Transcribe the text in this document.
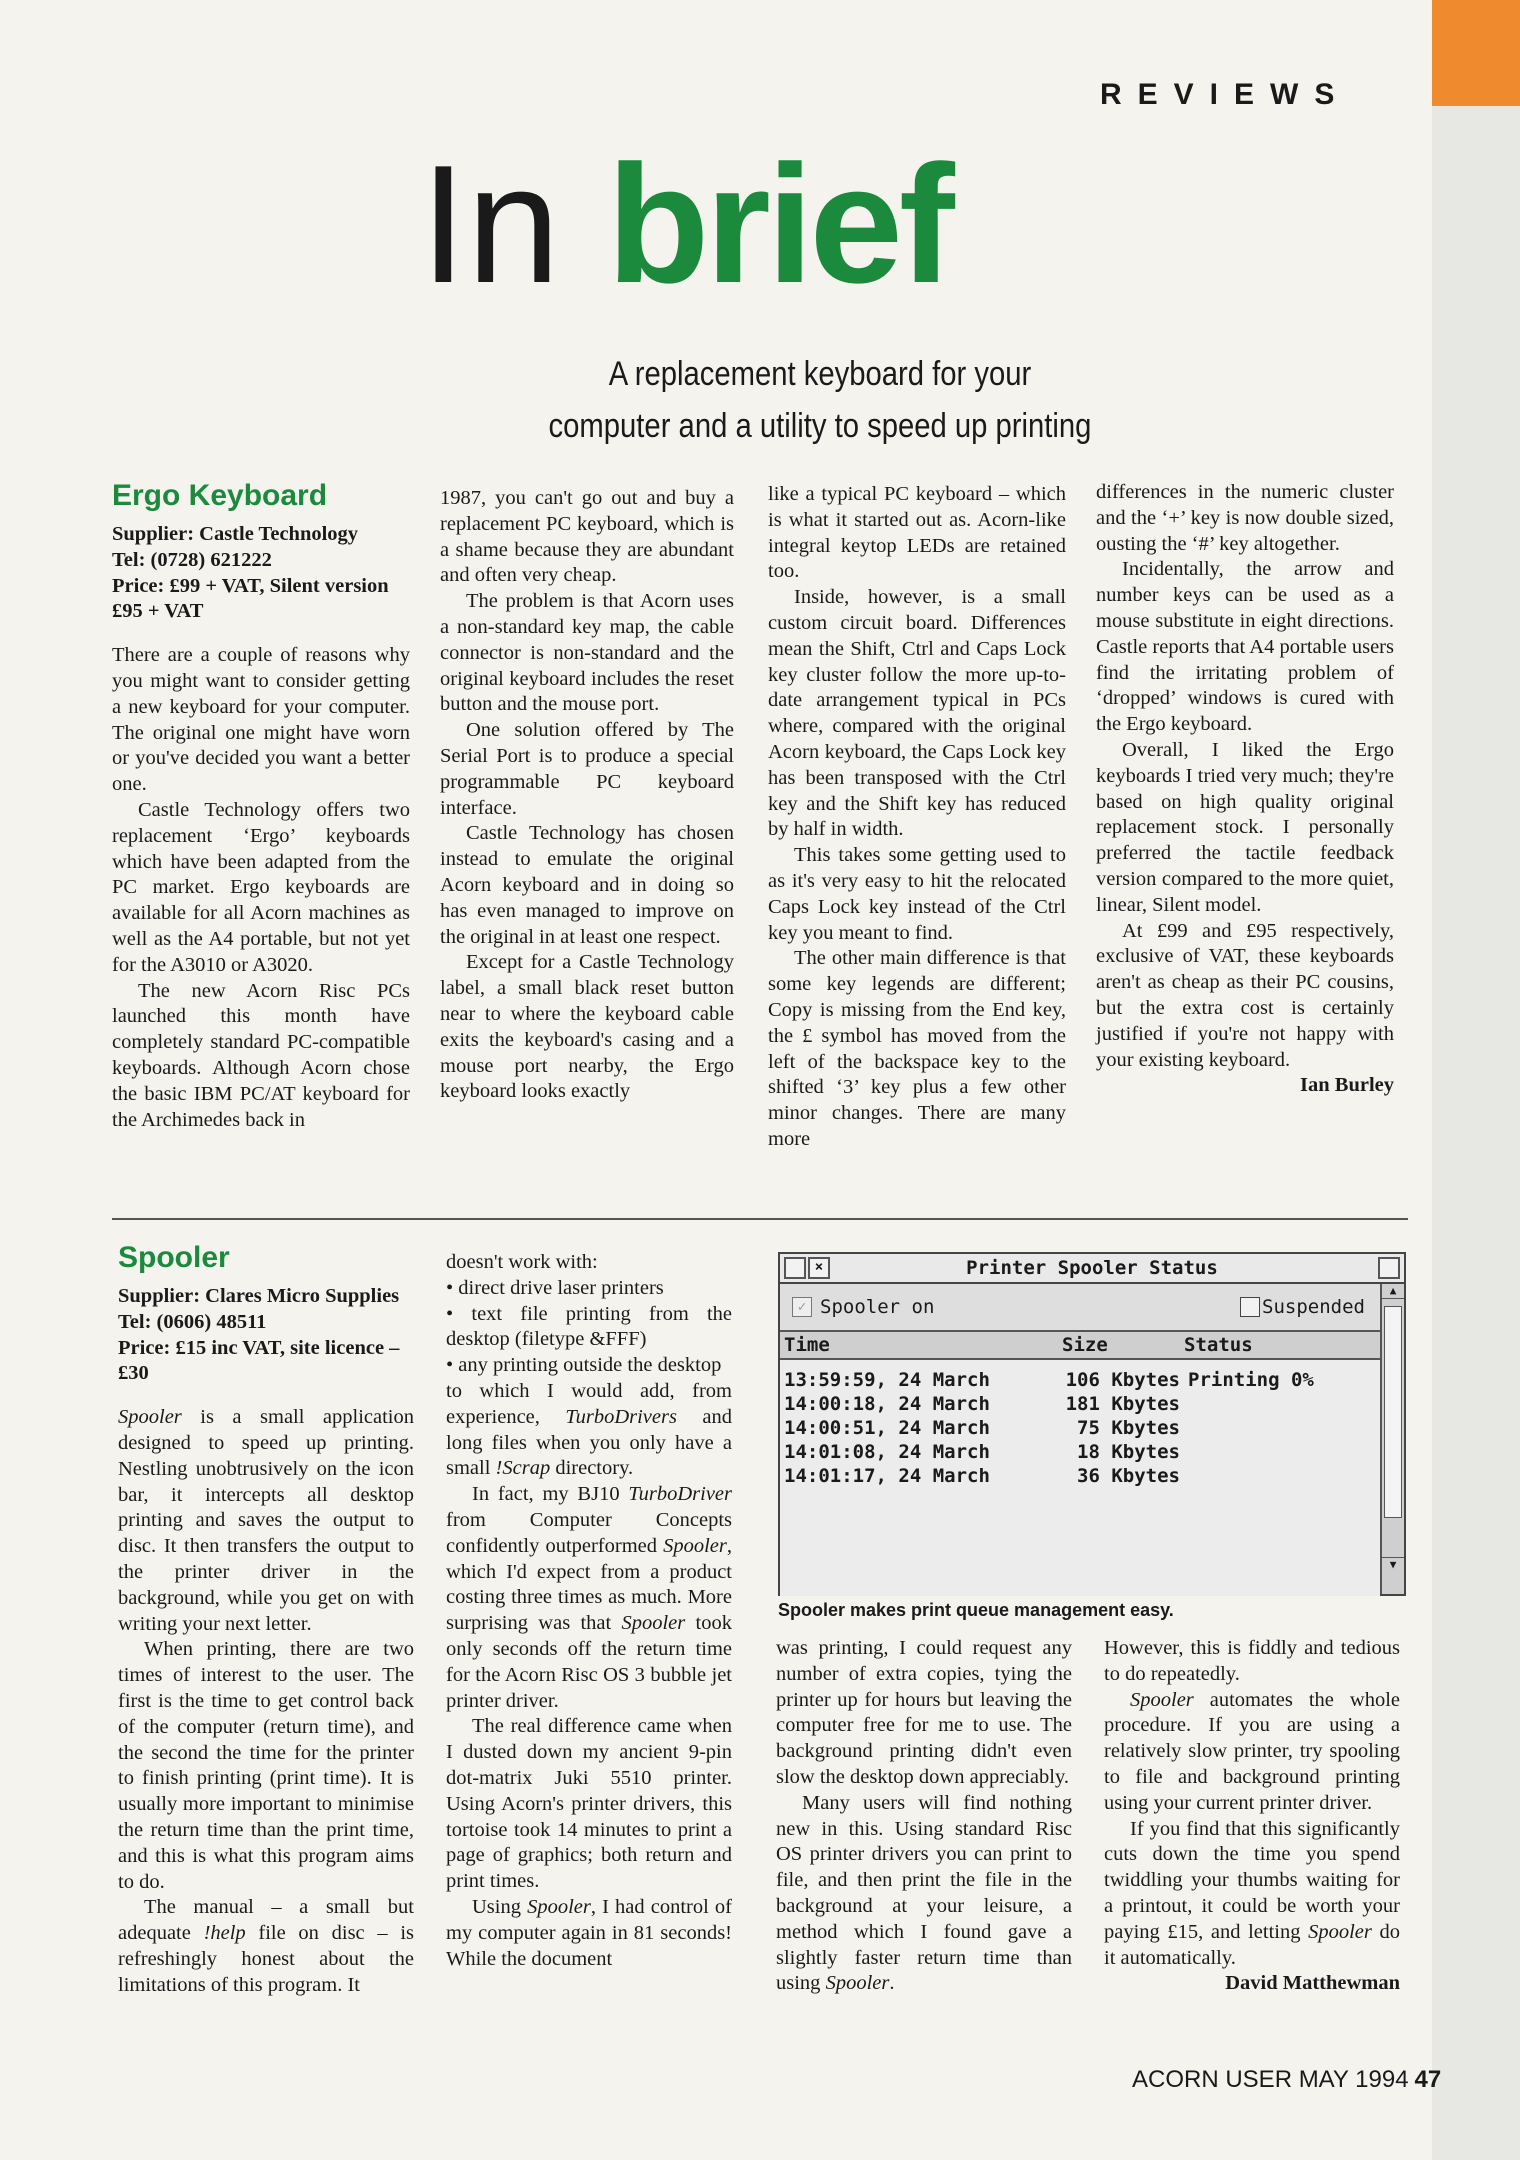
REVIEWS
In brief
A replacement keyboard for your
computer and a utility to speed up printing
Ergo Keyboard
Supplier: Castle Technology
Tel: (0728) 621222
Price: £99 + VAT, Silent version £95 + VAT

There are a couple of reasons why you might want to consider getting a new keyboard for your computer. The original one might have worn or you've decided you want a better one.

Castle Technology offers two replacement ‘Ergo’ keyboards which have been adapted from the PC market. Ergo keyboards are available for all Acorn machines as well as the A4 portable, but not yet for the A3010 or A3020.

The new Acorn Risc PCs launched this month have completely standard PC-compatible keyboards. Although Acorn chose the basic IBM PC/AT keyboard for the Archimedes back in

1987, you can't go out and buy a replacement PC keyboard, which is a shame because they are abundant and often very cheap.

The problem is that Acorn uses a non-standard key map, the cable connector is non-standard and the original keyboard includes the reset button and the mouse port.

One solution offered by The Serial Port is to produce a special programmable PC keyboard interface.

Castle Technology has chosen instead to emulate the original Acorn keyboard and in doing so has even managed to improve on the original in at least one respect.

Except for a Castle Technology label, a small black reset button near to where the keyboard cable exits the keyboard's casing and a mouse port nearby, the Ergo keyboard looks exactly

like a typical PC keyboard – which is what it started out as. Acorn-like integral keytop LEDs are retained too.

Inside, however, is a small custom circuit board. Differences mean the Shift, Ctrl and Caps Lock key cluster follow the more up-to-date arrangement typical in PCs where, compared with the original Acorn keyboard, the Caps Lock key has been transposed with the Ctrl key and the Shift key has reduced by half in width.

This takes some getting used to as it's very easy to hit the relocated Caps Lock key instead of the Ctrl key you meant to find.

The other main difference is that some key legends are different; Copy is missing from the End key, the £ symbol has moved from the left of the backspace key to the shifted ‘3’ key plus a few other minor changes. There are many more

differences in the numeric cluster and the ‘+’ key is now double sized, ousting the ‘#’ key altogether.

Incidentally, the arrow and number keys can be used as a mouse substitute in eight directions. Castle reports that A4 portable users find the irritating problem of ‘dropped’ windows is cured with the Ergo keyboard.

Overall, I liked the Ergo keyboards I tried very much; they're based on high quality original replacement stock. I personally preferred the tactile feedback version compared to the more quiet, linear, Silent model.

At £99 and £95 respectively, exclusive of VAT, these keyboards aren't as cheap as their PC cousins, but the extra cost is certainly justified if you're not happy with your existing keyboard.

Ian Burley
Spooler
Supplier: Clares Micro Supplies
Tel: (0606) 48511
Price: £15 inc VAT, site licence – £30

Spooler is a small application designed to speed up printing. Nestling unobtrusively on the icon bar, it intercepts all desktop printing and saves the output to disc. It then transfers the output to the printer driver in the background, while you get on with writing your next letter.

When printing, there are two times of interest to the user. The first is the time to get control back of the computer (return time), and the second the time for the printer to finish printing (print time). It is usually more important to minimise the return time than the print time, and this is what this program aims to do.

The manual – a small but adequate !help file on disc – is refreshingly honest about the limitations of this program. It

doesn't work with:

• direct drive laser printers

• text file printing from the desktop (filetype &FFF)

• any printing outside the desktop

to which I would add, from experience, TurboDrivers and long files when you only have a small !Scrap directory.

In fact, my BJ10 TurboDriver from Computer Concepts confidently outperformed Spooler, which I'd expect from a product costing three times as much. More surprising was that Spooler took only seconds off the return time for the Acorn Risc OS 3 bubble jet printer driver.

The real difference came when I dusted down my ancient 9-pin dot-matrix Juki 5510 printer. Using Acorn's printer drivers, this tortoise took 14 minutes to print a page of graphics; both return and print times.

Using Spooler, I had control of my computer again in 81 seconds! While the document

×	Printer Spooler Status
✓ Spooler on	Suspended
Time	Size	Status
13:59:59, 24 March	106 Kbytes Printing 0%
14:00:18, 24 March	181 Kbytes
14:00:51, 24 March	75 Kbytes
14:01:08, 24 March	18 Kbytes
14:01:17, 24 March	36 Kbytes
▲
▼
Spooler makes print queue management easy.

was printing, I could request any number of extra copies, tying the printer up for hours but leaving the computer free for me to use. The background printing didn't even slow the desktop down appreciably.

Many users will find nothing new in this. Using standard Risc OS printer drivers you can print to file, and then print the file in the background at your leisure, a method which I found gave a slightly faster return time than using Spooler.

However, this is fiddly and tedious to do repeatedly.

Spooler automates the whole procedure. If you are using a relatively slow printer, try spooling to file and background printing using your current printer driver.

If you find that this significantly cuts down the time you spend twiddling your thumbs waiting for a printout, it could be worth your paying £15, and letting Spooler do it automatically.

David Matthewman
ACORN USER MAY 1994 47
